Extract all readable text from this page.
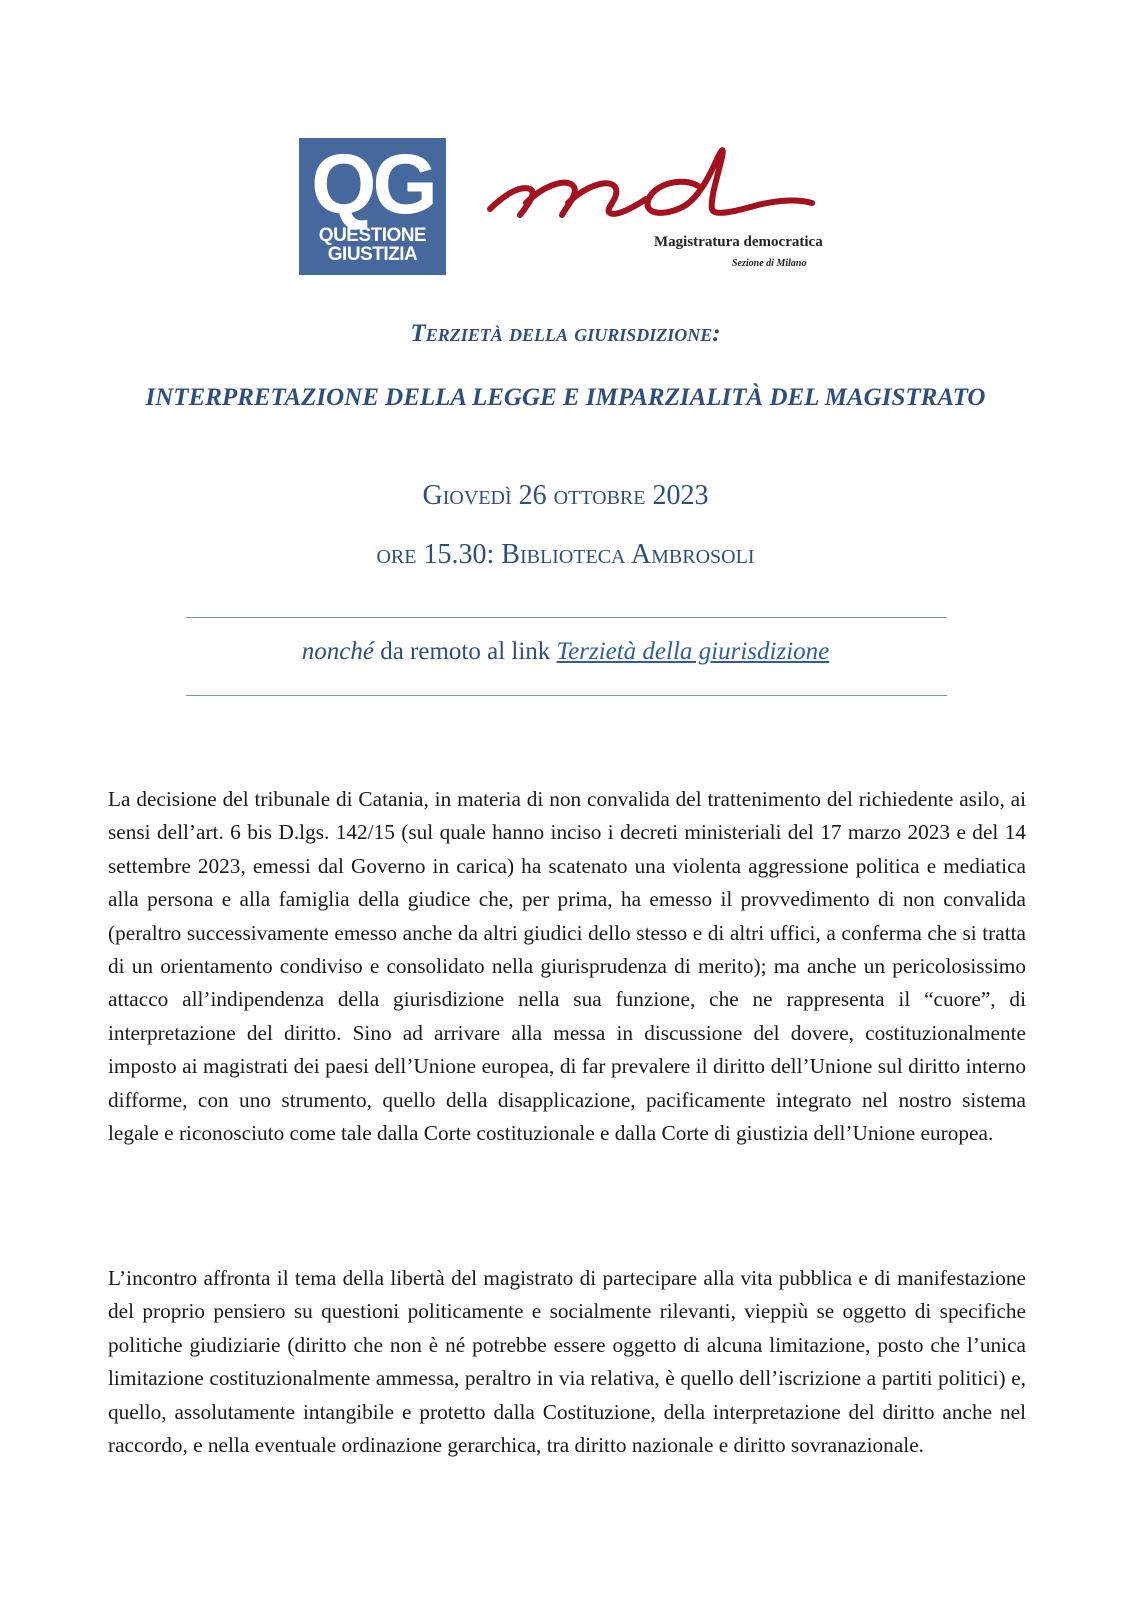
QG
QUESTIONE
GIUSTIZIA
Magistratura democratica
Sezione di Milano
Terzietà della giurisdizione:
INTERPRETAZIONE DELLA LEGGE E IMPARZIALITÀ DEL MAGISTRATO
Giovedì 26 ottobre 2023
ore 15.30: Biblioteca Ambrosoli
nonché da remoto al link Terzietà della giurisdizione

La decisione del tribunale di Catania, in materia di non convalida del trattenimento del richiedente asilo, ai sensi dell’art. 6 bis D.lgs. 142/15 (sul quale hanno inciso i decreti ministeriali del 17 marzo 2023 e del 14 settembre 2023, emessi dal Governo in carica) ha scatenato una violenta aggressione politica e mediatica alla persona e alla famiglia della giudice che, per prima, ha emesso il provvedimento di non convalida (peraltro successivamente emesso anche da altri giudici dello stesso e di altri uffici, a conferma che si tratta di un orientamento condiviso e consolidato nella giurisprudenza di merito); ma anche un pericolosissimo attacco all’indipendenza della giurisdizione nella sua funzione, che ne rappresenta il “cuore”, di interpretazione del diritto. Sino ad arrivare alla messa in discussione del dovere, costituzionalmente imposto ai magistrati dei paesi dell’Unione europea, di far prevalere il diritto dell’Unione sul diritto interno difforme, con uno strumento, quello della disapplicazione, pacificamente integrato nel nostro sistema legale e riconosciuto come tale dalla Corte costituzionale e dalla Corte di giustizia dell’Unione europea.

L’incontro affronta il tema della libertà del magistrato di partecipare alla vita pubblica e di manifestazione del proprio pensiero su questioni politicamente e socialmente rilevanti, vieppiù se oggetto di specifiche politiche giudiziarie (diritto che non è né potrebbe essere oggetto di alcuna limitazione, posto che l’unica limitazione costituzionalmente ammessa, peraltro in via relativa, è quello dell’iscrizione a partiti politici) e, quello, assolutamente intangibile e protetto dalla Costituzione, della interpretazione del diritto anche nel raccordo, e nella eventuale ordinazione gerarchica, tra diritto nazionale e diritto sovranazionale.
